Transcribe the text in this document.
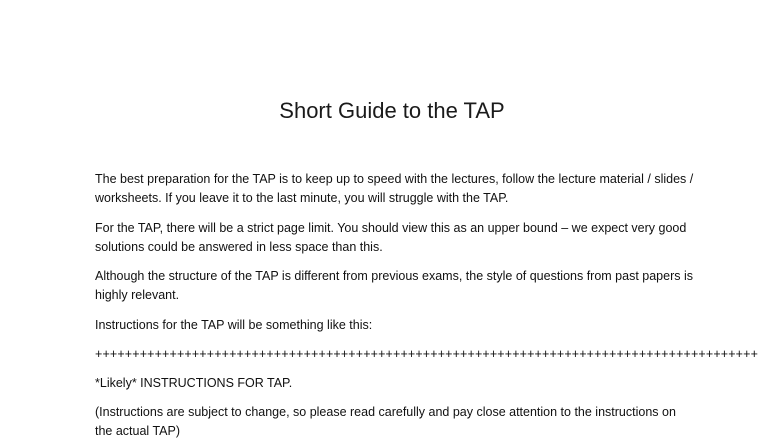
Short Guide to the TAP
The best preparation for the TAP is to keep up to speed with the lectures, follow the lecture material / slides / worksheets. If you leave it to the last minute, you will struggle with the TAP.
For the TAP, there will be a strict page limit. You should view this as an upper bound – we expect very good solutions could be answered in less space than this.
Although the structure of the TAP is different from previous exams, the style of questions from past papers is highly relevant.
Instructions for the TAP will be something like this:
+++++++++++++++++++++++++++++++++++++++++++++++++++++++++++++++++++++++++++++++++++++++++
*Likely* INSTRUCTIONS FOR TAP.
(Instructions are subject to change, so please read carefully and pay close attention to the instructions on the actual TAP)
